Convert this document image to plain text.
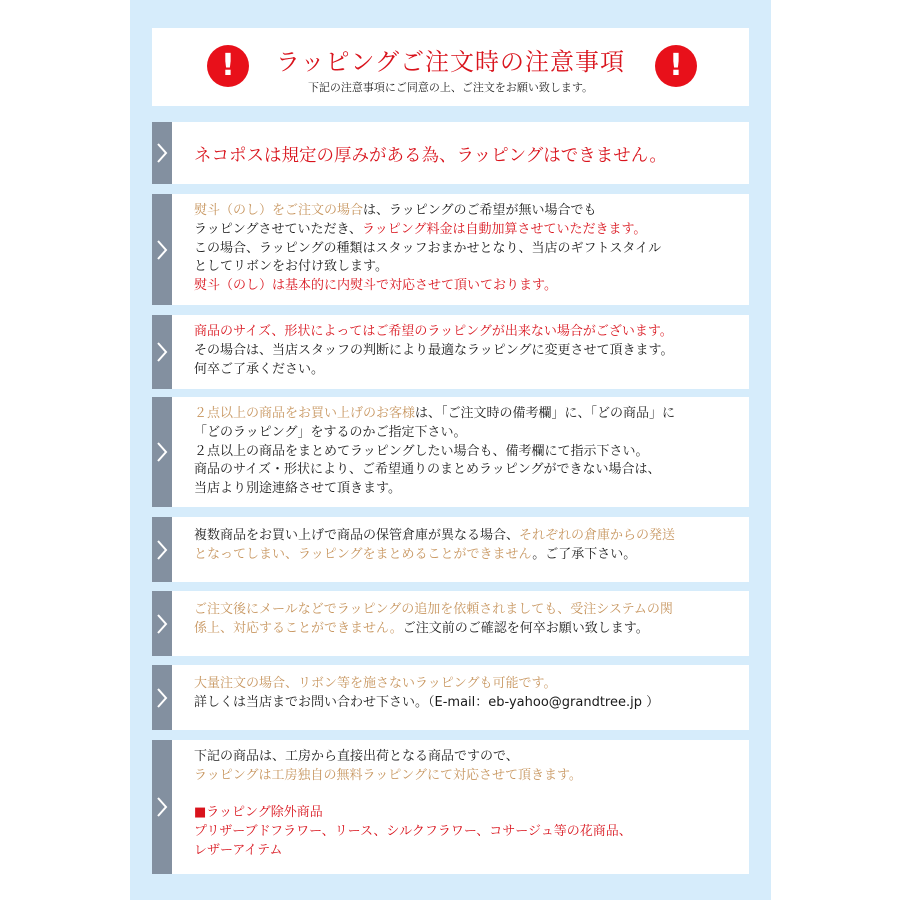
!	ラッピングご注文時の注意事項
下記の注意事項にご同意の上、ご注文をお願い致します。
!
ネコポスは規定の厚みがある為、ラッピングはできません。
熨斗（のし）をご注文の場合は、ラッピングのご希望が無い場合でも
ラッピングさせていただき、ラッピング料金は自動加算させていただきます。
この場合、ラッピングの種類はスタッフおまかせとなり、当店のギフトスタイル
としてリボンをお付け致します。
熨斗（のし）は基本的に内熨斗で対応させて頂いております。
商品のサイズ、形状によってはご希望のラッピングが出来ない場合がございます。
その場合は、当店スタッフの判断により最適なラッピングに変更させて頂きます。
何卒ご了承ください。
２点以上の商品をお買い上げのお客様は、「ご注文時の備考欄」に、「どの商品」に
「どのラッピング」をするのかご指定下さい。
２点以上の商品をまとめてラッピングしたい場合も、備考欄にて指示下さい。
商品のサイズ・形状により、ご希望通りのまとめラッピングができない場合は、
当店より別途連絡させて頂きます。
複数商品をお買い上げで商品の保管倉庫が異なる場合、それぞれの倉庫からの発送
となってしまい、ラッピングをまとめることができません。ご了承下さい。
ご注文後にメールなどでラッピングの追加を依頼されましても、受注システムの関
係上、対応することができません。ご注文前のご確認を何卒お願い致します。
大量注文の場合、リボン等を施さないラッピングも可能です。
詳しくは当店までお問い合わせ下さい。（E-mail：eb-yahoo@grandtree.jp ）
下記の商品は、工房から直接出荷となる商品ですので、
ラッピングは工房独自の無料ラッピングにて対応させて頂きます。
■ラッピング除外商品
プリザーブドフラワー、リース、シルクフラワー、コサージュ等の花商品、
レザーアイテム
